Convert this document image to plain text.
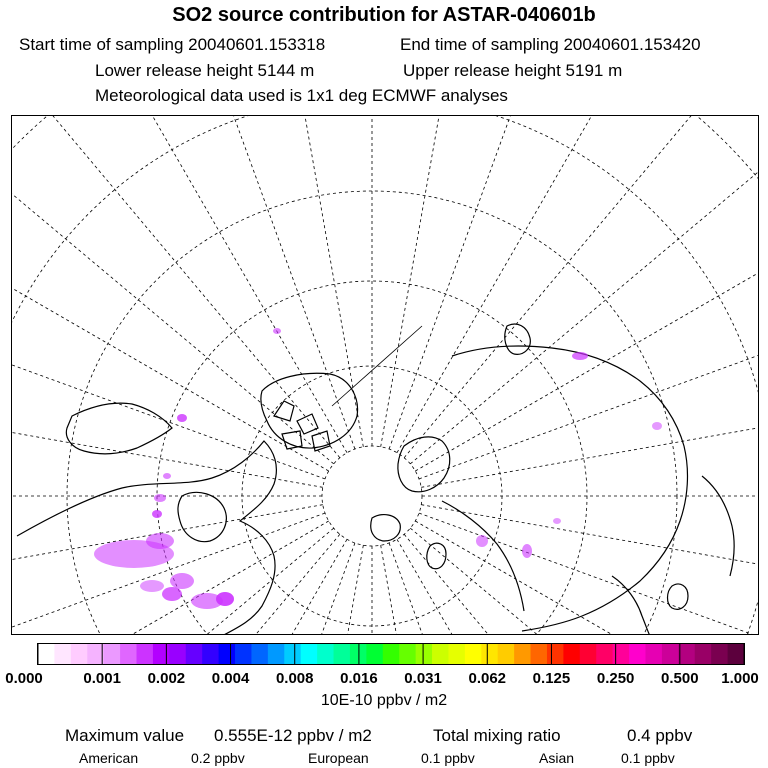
SO2 source contribution for ASTAR-040601b
Start time of sampling 20040601.153318	End time of sampling 20040601.153420
Lower release height 5144 m	Upper release height 5191 m
Meteorological data used is 1x1 deg ECMWF analyses
0.000	0.001 0.002 0.004 0.008 0.016 0.031 0.062 0.125 0.250 0.500 1.000
10E-10 ppbv / m2
Maximum value 0.555E-12 ppbv / m2	Total mixing ratio	0.4 ppbv
American	0.2 ppbv	European	0.1 ppbv	Asian	0.1 ppbv
